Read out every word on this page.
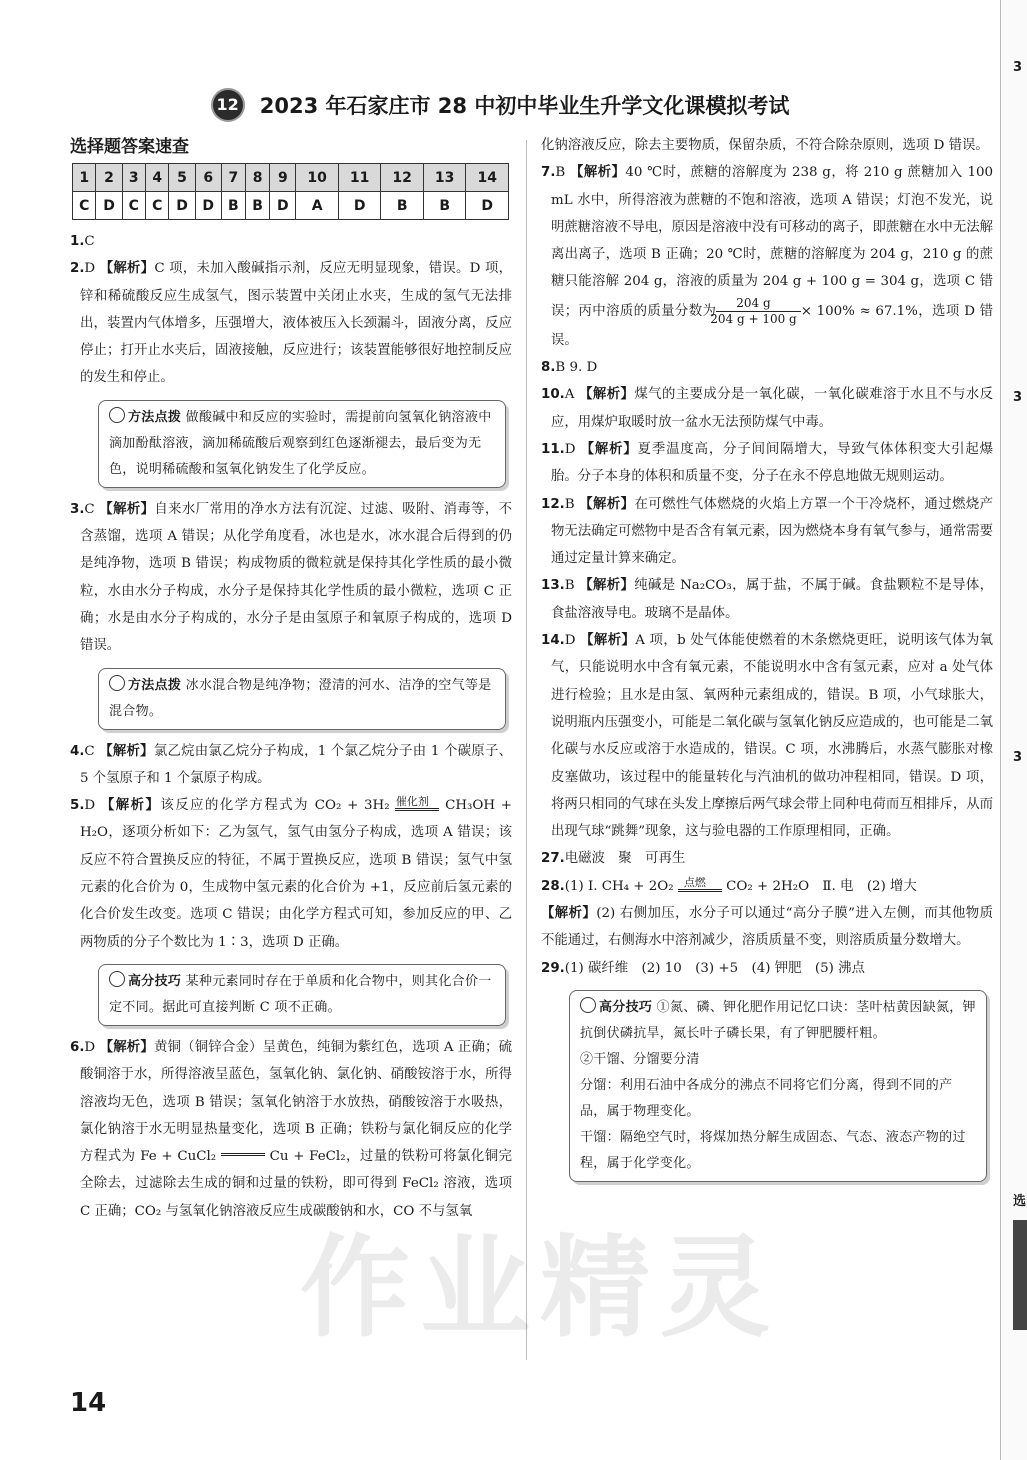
12 2023 年石家庄市 28 中初中毕业生升学文化课模拟考试
选择题答案速查
1	2	3	4	5	6	7	8	9	10	11	12	13	14
C	D	C	C	D	D	B	B	D	A	D	B	B	D

1.C

2.D 【解析】C 项，未加入酸碱指示剂，反应无明显现象，错误。D 项，锌和稀硫酸反应生成氢气，图示装置中关闭止水夹，生成的氢气无法排出，装置内气体增多，压强增大，液体被压入长颈漏斗，固液分离，反应停止；打开止水夹后，固液接触，反应进行；该装置能够很好地控制反应的发生和停止。

方法点拨 做酸碱中和反应的实验时，需提前向氢氧化钠溶液中滴加酚酞溶液，滴加稀硫酸后观察到红色逐渐褪去，最后变为无色，说明稀硫酸和氢氧化钠发生了化学反应。

3.C 【解析】自来水厂常用的净水方法有沉淀、过滤、吸附、消毒等，不含蒸馏，选项 A 错误；从化学角度看，冰也是水，冰水混合后得到的仍是纯净物，选项 B 错误；构成物质的微粒就是保持其化学性质的最小微粒，水由水分子构成，水分子是保持其化学性质的最小微粒，选项 C 正确；水是由水分子构成的，水分子是由氢原子和氧原子构成的，选项 D 错误。

方法点拨 冰水混合物是纯净物；澄清的河水、洁净的空气等是混合物。

4.C 【解析】氯乙烷由氯乙烷分子构成，1 个氯乙烷分子由 1 个碳原子、5 个氢原子和 1 个氯原子构成。

5.D 【解析】该反应的化学方程式为 CO₂ + 3H₂ 催化剂	CH₃OH + H₂O，逐项分析如下：乙为氢气，氢气由氢分子构成，选项 A 错误；该反应不符合置换反应的特征，不属于置换反应，选项 B 错误；氢气中氢元素的化合价为 0，生成物中氢元素的化合价为 +1，反应前后氢元素的化合价发生改变。选项 C 错误；由化学方程式可知，参加反应的甲、乙两物质的分子个数比为 1∶3，选项 D 正确。

高分技巧 某种元素同时存在于单质和化合物中，则其化合价一定不同。据此可直接判断 C 项不正确。

6.D 【解析】黄铜（铜锌合金）呈黄色，纯铜为紫红色，选项 A 正确；硫酸铜溶于水，所得溶液呈蓝色，氢氧化钠、氯化钠、硝酸铵溶于水，所得溶液均无色，选项 B 错误；氢氧化钠溶于水放热，硝酸铵溶于水吸热，氯化钠溶于水无明显热量变化，选项 B 正确；铁粉与氯化铜反应的化学方程式为 Fe + CuCl₂	Cu + FeCl₂，过量的铁粉可将氯化铜完全除去，过滤除去生成的铜和过量的铁粉，即可得到 FeCl₂ 溶液，选项 C 正确；CO₂ 与氢氧化钠溶液反应生成碳酸钠和水，CO 不与氢氧

化钠溶液反应，除去主要物质，保留杂质，不符合除杂原则，选项 D 错误。

7.B 【解析】40 ℃时，蔗糖的溶解度为 238 g，将 210 g 蔗糖加入 100 mL 水中，所得溶液为蔗糖的不饱和溶液，选项 A 错误；灯泡不发光，说明蔗糖溶液不导电，原因是溶液中没有可移动的离子，即蔗糖在水中无法解离出离子，选项 B 正确；20 ℃时，蔗糖的溶解度为 204 g，210 g 的蔗糖只能溶解 204 g，溶液的质量为 204 g + 100 g = 304 g，选项 C 错误；丙中溶质的质量分数为 $\frac{204 g}{204 g + 100 g} \times 100\% \approx 67.1\%$，选项 D 错误。

8.B 9. D

10.A 【解析】煤气的主要成分是一氧化碳，一氧化碳难溶于水且不与水反应，用煤炉取暖时放一盆水无法预防煤气中毒。

11.D 【解析】夏季温度高，分子间间隔增大，导致气体体积变大引起爆胎。分子本身的体积和质量不变，分子在永不停息地做无规则运动。

12.B 【解析】在可燃性气体燃烧的火焰上方罩一个干冷烧杯，通过燃烧产物无法确定可燃物中是否含有氧元素，因为燃烧本身有氧气参与，通常需要通过定量计算来确定。

13.B 【解析】纯碱是 Na₂CO₃，属于盐，不属于碱。食盐颗粒不是导体，食盐溶液导电。玻璃不是晶体。

14.D 【解析】A 项，b 处气体能使燃着的木条燃烧更旺，说明该气体为氧气，只能说明水中含有氧元素，不能说明水中含有氢元素，应对 a 处气体进行检验；且水是由氢、氧两种元素组成的，错误。B 项，小气球胀大，说明瓶内压强变小，可能是二氧化碳与氢氧化钠反应造成的，也可能是二氧化碳与水反应或溶于水造成的，错误。C 项，水沸腾后，水蒸气膨胀对橡皮塞做功，该过程中的能量转化与汽油机的做功冲程相同，错误。D 项，将两只相同的气球在头发上摩擦后两气球会带上同种电荷而互相排斥，从而出现气球“跳舞”现象，这与验电器的工作原理相同，正确。

27.电磁波　聚　可再生

28.(1) Ⅰ. CH₄ + 2O₂ 点燃	CO₂ + 2H₂O　Ⅱ. 电　(2) 增大

【解析】(2) 右侧加压，水分子可以通过“高分子膜”进入左侧，而其他物质不能通过，右侧海水中溶剂减少，溶质质量不变，则溶质质量分数增大。

29.(1) 碳纤维　(2) 10　(3) +5　(4) 钾肥　(5) 沸点

高分技巧 ①氮、磷、钾化肥作用记忆口诀：茎叶枯黄因缺氮，钾抗倒伏磷抗旱，氮长叶子磷长果，有了钾肥腰杆粗。

②干馏、分馏要分清

分馏：利用石油中各成分的沸点不同将它们分离，得到不同的产品，属于物理变化。

干馏：隔绝空气时，将煤加热分解生成固态、气态、液态产物的过程，属于化学变化。

作业精灵
14
3
3
3
选
